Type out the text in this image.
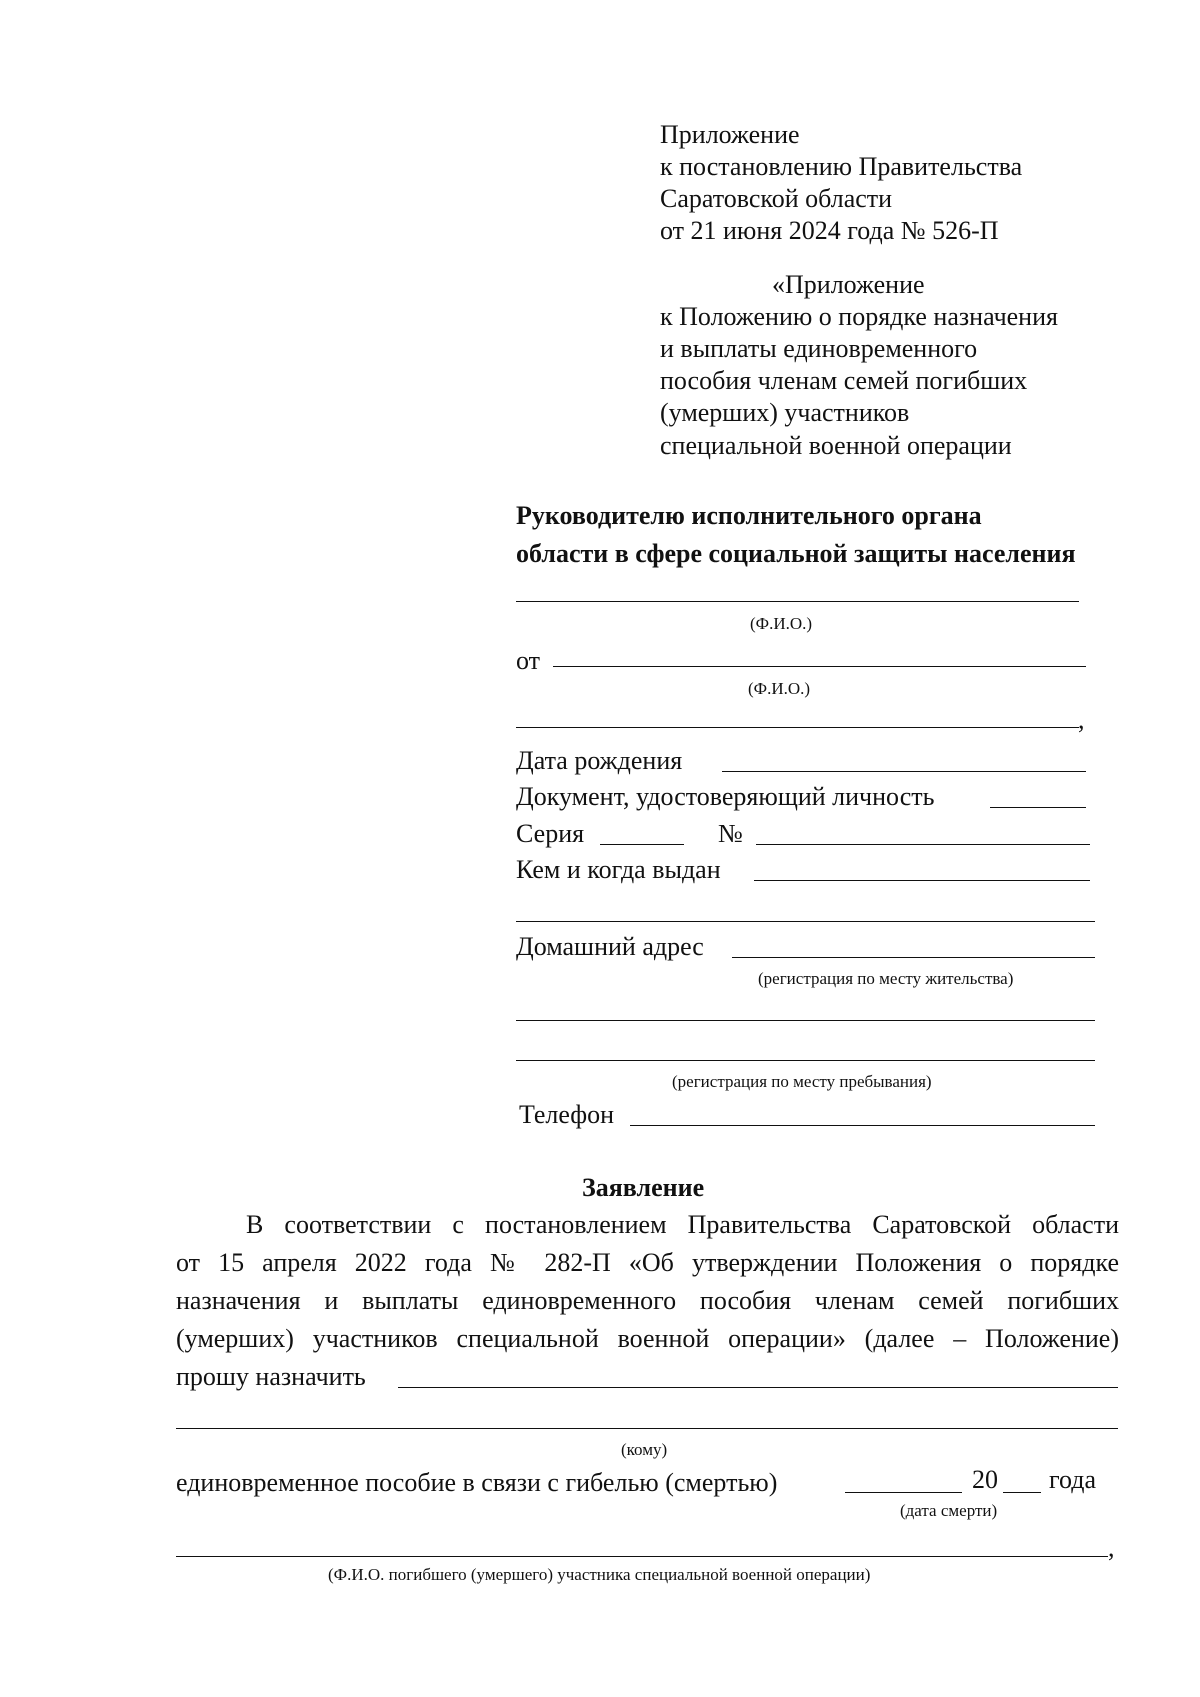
Приложение
к постановлению Правительства
Саратовской области
от 21 июня 2024 года № 526-П
«Приложение
к Положению о порядке назначения
и выплаты единовременного
пособия членам семей погибших
(умерших) участников
специальной военной операции
Руководителю исполнительного органа
области в сфере социальной защиты населения
(Ф.И.О.)
от
(Ф.И.О.)
,
Дата рождения
Документ, удостоверяющий личность
Серия	№
Кем и когда выдан
Домашний адрес
(регистрация по месту жительства)
(регистрация по месту пребывания)
Телефон
Заявление
В соответствии с постановлением Правительства Саратовской области
от 15 апреля 2022 года № 282-П «Об утверждении Положения о порядке
назначения и выплаты единовременного пособия членам семей погибших
(умерших) участников специальной военной операции» (далее – Положение)
прошу назначить
(кому)
единовременное пособие в связи с гибелью (смертью)	20 года
(дата смерти)
,
(Ф.И.О. погибшего (умершего) участника специальной военной операции)
